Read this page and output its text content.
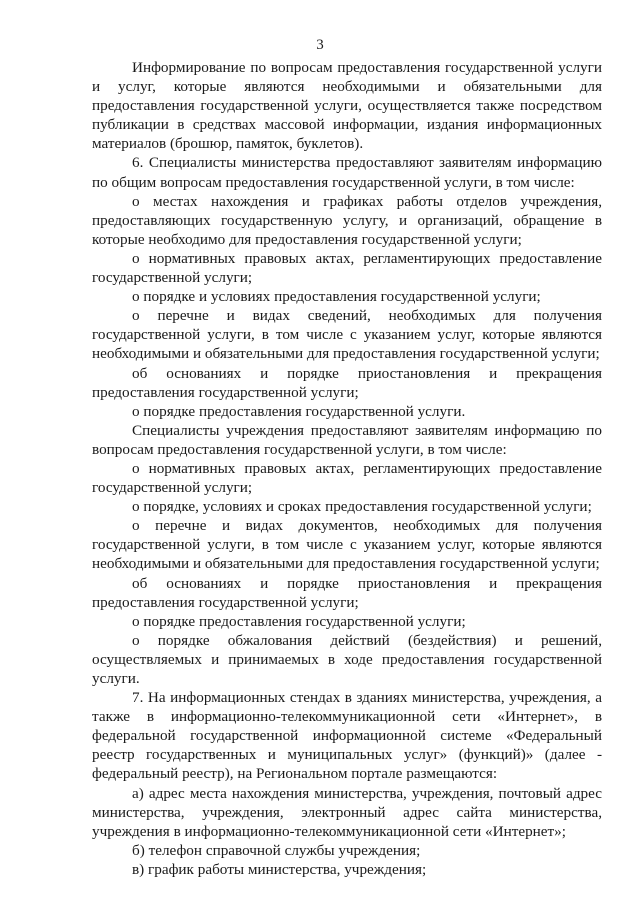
3

Информирование по вопросам предоставления государственной услуги и услуг, которые являются необходимыми и обязательными для предоставления государственной услуги, осуществляется также посредством публикации в средствах массовой информации, издания информационных материалов (брошюр, памяток, буклетов).

6. Специалисты министерства предоставляют заявителям информацию по общим вопросам предоставления государственной услуги, в том числе:

о местах нахождения и графиках работы отделов учреждения, предоставляющих государственную услугу, и организаций, обращение в которые необходимо для предоставления государственной услуги;

о нормативных правовых актах, регламентирующих предоставление государственной услуги;

о порядке и условиях предоставления государственной услуги;

о перечне и видах сведений, необходимых для получения государственной услуги, в том числе с указанием услуг, которые являются необходимыми и обязательными для предоставления государственной услуги;

об основаниях и порядке приостановления и прекращения предоставления государственной услуги;

о порядке предоставления государственной услуги.

Специалисты учреждения предоставляют заявителям информацию по вопросам предоставления государственной услуги, в том числе:

о нормативных правовых актах, регламентирующих предоставление государственной услуги;

о порядке, условиях и сроках предоставления государственной услуги;

о перечне и видах документов, необходимых для получения государственной услуги, в том числе с указанием услуг, которые являются необходимыми и обязательными для предоставления государственной услуги;

об основаниях и порядке приостановления и прекращения предоставления государственной услуги;

о порядке предоставления государственной услуги;

о порядке обжалования действий (бездействия) и решений, осуществляемых и принимаемых в ходе предоставления государственной услуги.

7. На информационных стендах в зданиях министерства, учреждения, а также в информационно-телекоммуникационной сети «Интернет», в федеральной государственной информационной системе «Федеральный реестр государственных и муниципальных услуг» (функций)» (далее - федеральный реестр), на Региональном портале размещаются:

а) адрес места нахождения министерства, учреждения, почтовый адрес министерства, учреждения, электронный адрес сайта министерства, учреждения в информационно-телекоммуникационной сети «Интернет»;

б) телефон справочной службы учреждения;

в) график работы министерства, учреждения;
